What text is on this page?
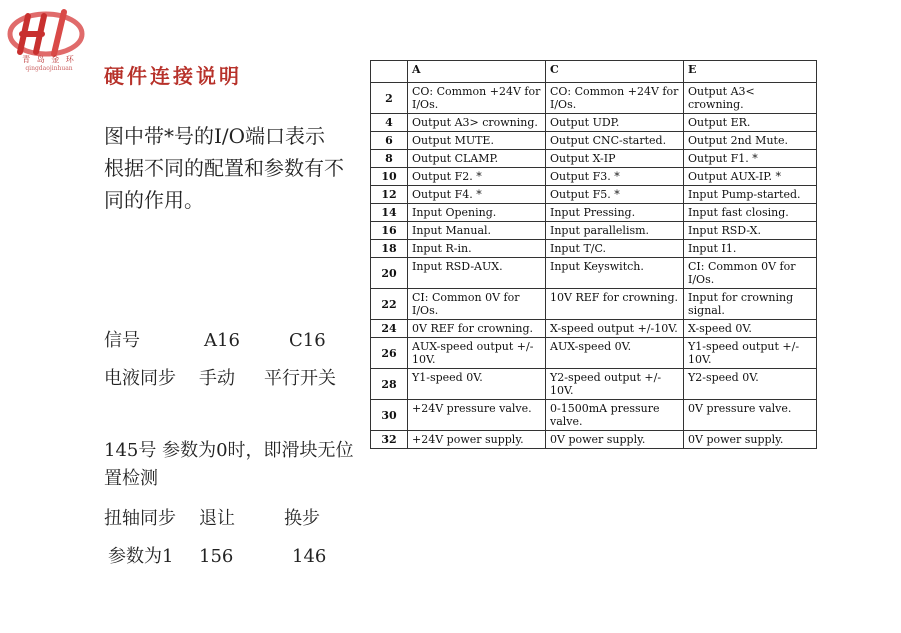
青 岛 金 环
qingdaojinhuan	硬件连接说明
图中带*号的I/O端口表示根据不同的配置和参数有不同的作用。
信号	A16	C16
电液同步 手动 平行开关
145号 参数为0时，即滑块无位置检测
扭轴同步 退让	换步
参数为1 156	146
	A	C	E
2	CO: Common +24V for I/Os.	CO: Common +24V for I/Os.	Output A3< crowning.
4	Output A3> crowning.	Output UDP.	Output ER.
6	Output MUTE.	Output CNC-started.	Output 2nd Mute.
8	Output CLAMP.	Output X-IP	Output F1. *
10	Output F2. *	Output F3. *	Output AUX-IP. *
12	Output F4. *	Output F5. *	Input Pump-started.
14	Input Opening.	Input Pressing.	Input fast closing.
16	Input Manual.	Input parallelism.	Input RSD-X.
18	Input R-in.	Input T/C.	Input I1.
20	Input RSD-AUX.	Input Keyswitch.	CI: Common 0V for I/Os.
22	CI: Common 0V for I/Os.	10V REF for crowning.	Input for crowning signal.
24	0V REF for crowning.	X-speed output +/-10V.	X-speed 0V.
26	AUX-speed output +/- 10V.	AUX-speed 0V.	Y1-speed output +/- 10V.
28	Y1-speed 0V.	Y2-speed output +/- 10V.	Y2-speed 0V.
30	+24V pressure valve.	0-1500mA pressure valve.	0V pressure valve.
32	+24V power supply.	0V power supply.	0V power supply.
